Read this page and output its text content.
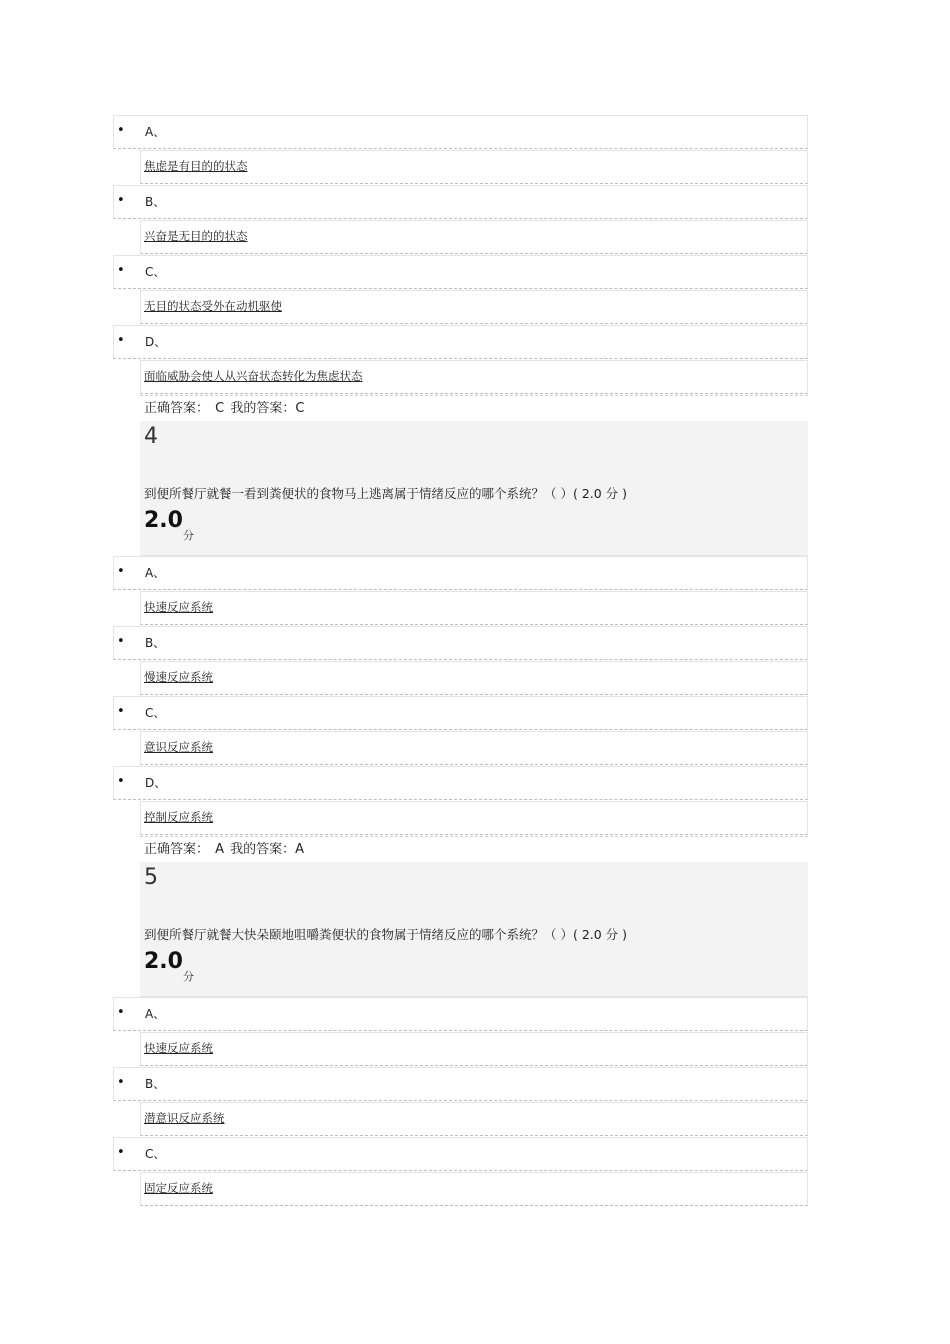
• A、
焦虑是有目的的状态
• B、
兴奋是无目的的状态
• C、
无目的状态受外在动机驱使
• D、
面临威胁会使人从兴奋状态转化为焦虑状态
正确答案： C 我的答案：C
4
到便所餐厅就餐一看到粪便状的食物马上逃离属于情绪反应的哪个系统？（ ）( 2.0 分 )
2.0
分
• A、
快速反应系统
• B、
慢速反应系统
• C、
意识反应系统
• D、
控制反应系统
正确答案： A 我的答案：A
5
到便所餐厅就餐大快朵颐地咀嚼粪便状的食物属于情绪反应的哪个系统？（ ）( 2.0 分 )
2.0
分
• A、
快速反应系统
• B、
潜意识反应系统
• C、
固定反应系统
